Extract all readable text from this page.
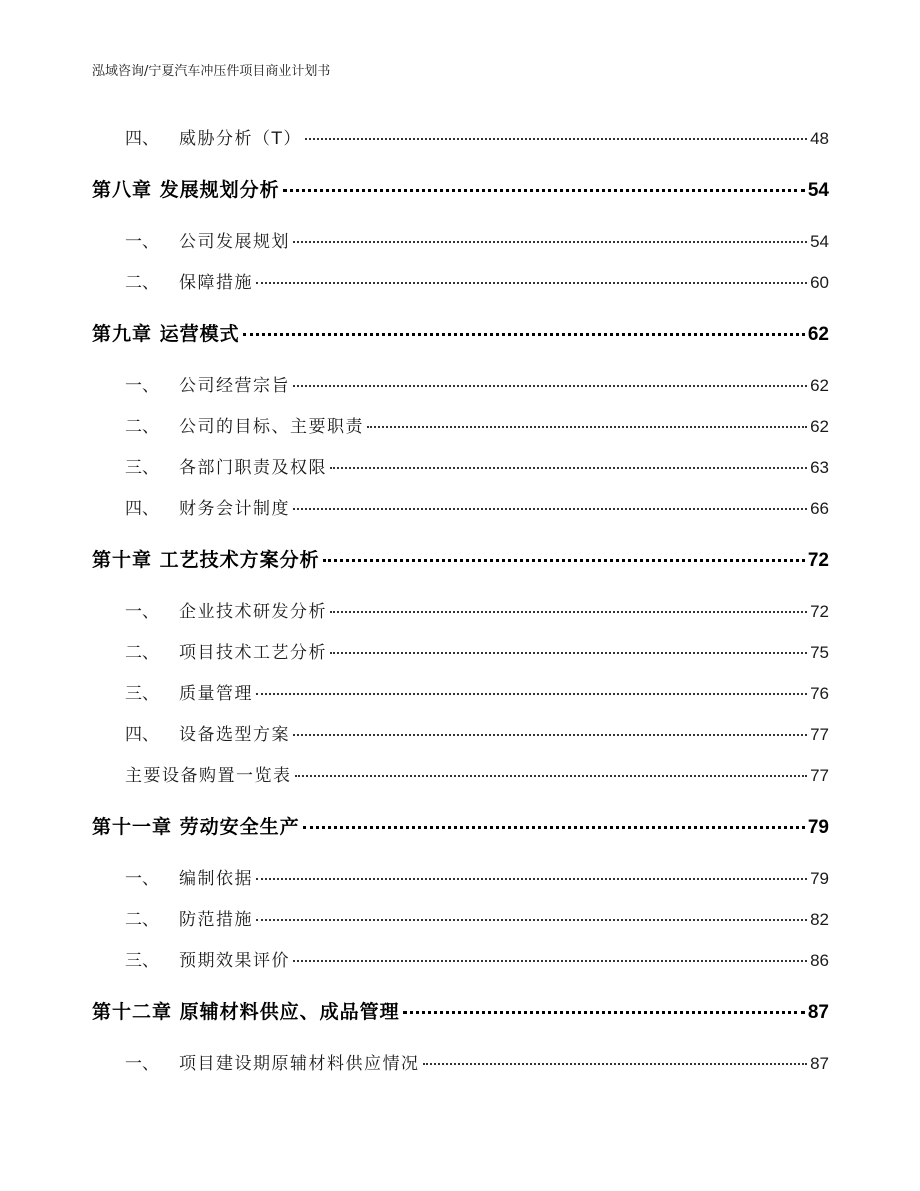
泓域咨询/宁夏汽车冲压件项目商业计划书
四、 威胁分析（T）	48
第八章 发展规划分析	54
一、 公司发展规划	54
二、 保障措施	60
第九章 运营模式	62
一、 公司经营宗旨	62
二、 公司的目标、主要职责	62
三、 各部门职责及权限	63
四、 财务会计制度	66
第十章 工艺技术方案分析	72
一、 企业技术研发分析	72
二、 项目技术工艺分析	75
三、 质量管理	76
四、 设备选型方案	77
主要设备购置一览表	77
第十一章 劳动安全生产	79
一、 编制依据	79
二、 防范措施	82
三、 预期效果评价	86
第十二章 原辅材料供应、成品管理	87
一、 项目建设期原辅材料供应情况	87
